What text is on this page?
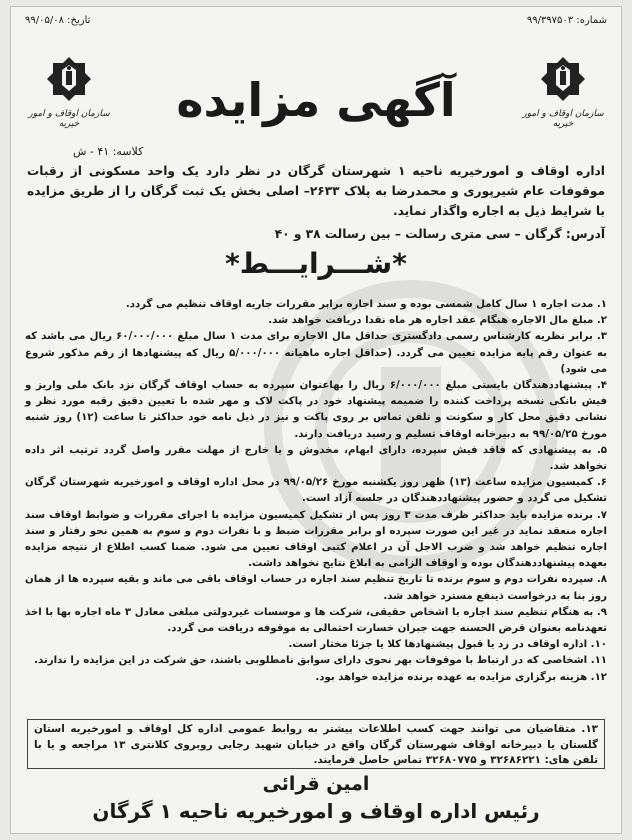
شماره: ۹۹/۳۹۷۵۰۳
تاریخ: ۹۹/۰۵/۰۸
سازمان اوقاف و امور خیریه
سازمان اوقاف و امور خیریه	آگهی مزایده
کلاسه: ۴۱ - ش
اداره اوقاف و امورخیریه ناحیه ۱ شهرستان گرگان در نظر دارد یک واحد مسکونی از رقبات موقوفات عام شیرپوری و محمدرضا به پلاک ۲۶۳۳– اصلی بخش یک ثبت گرگان را از طریق مزایده با شرایط ذیل به اجاره واگذار نماید.
آدرس: گرگان – سی متری رسالت – بین رسالت ۳۸ و ۴۰
*شـــرایـــط*

۱. مدت اجاره ۱ سال کامل شمسی بوده و سند اجاره برابر مقررات جاریه اوقاف تنظیم می گردد.

۲. مبلغ مال الاجاره هنگام عقد اجاره هر ماه نقدا دریافت خواهد شد.

۳. برابر نظریه کارشناس رسمی دادگستری حداقل مال الاجاره برای مدت ۱ سال مبلغ ۶۰/۰۰۰/۰۰۰ ریال می باشد که به عنوان رقم پایه مزایده تعیین می گردد. (حداقل اجاره ماهیانه ۵/۰۰۰/۰۰۰ ریال که پیشنهادها از رقم مذکور شروع می شود)

۴. پیشنهاددهندگان بایستی مبلغ ۶/۰۰۰/۰۰۰ ریال را بهاعنوان سپرده به حساب اوقاف گرگان نزد بانک ملی واریز و فیش بانکی نسخه پرداخت کننده را ضمیمه پیشنهاد خود در پاکت لاک و مهر شده با تعیین دقیق رقبه مورد نظر و نشانی دقیق محل کار و سکونت و تلفن تماس بر روی پاکت و نیز در ذیل نامه خود حداکثر تا ساعت (۱۲) روز شنبه مورخ ۹۹/۰۵/۲۵ به دبیرخانه اوقاف تسلیم و رسید دریافت دارند.

۵. به پیشنهادی که فاقد فیش سپرده، دارای ابهام، مخدوش و یا خارج از مهلت مقرر واصل گردد ترتیب اثر داده نخواهد شد.

۶. کمیسیون مزایده ساعت (۱۳) ظهر روز یکشنبه مورخ ۹۹/۰۵/۲۶ در محل اداره اوقاف و امورخیریه شهرستان گرگان تشکیل می گردد و حضور پیشنهاددهندگان در جلسه آزاد است.

۷. برنده مزایده باید حداکثر ظرف مدت ۳ روز پس از تشکیل کمیسیون مزایده با اجرای مقررات و ضوابط اوقاف سند اجاره منعقد نماید در غیر این صورت سپرده او برابر مقررات ضبط و با نفرات دوم و سوم به همین نحو رفتار و سند اجاره تنظیم خواهد شد و ضرب الاجل آن در اعلام کتبی اوقاف تعیین می شود. ضمنا کسب اطلاع از نتیجه مزایده بعهده پیشنهاددهندگان بوده و اوقاف الزامی به ابلاغ نتایج نخواهد داشت.

۸. سپرده نفرات دوم و سوم برنده تا تاریخ تنظیم سند اجاره در حساب اوقاف باقی می ماند و بقیه سپرده ها از همان روز بنا به درخواست ذینفع مسترد خواهد شد.

۹. به هنگام تنظیم سند اجاره با اشخاص حقیقی، شرکت ها و موسسات غیردولتی مبلغی معادل ۳ ماه اجاره بها با اخذ تعهدنامه بعنوان قرض الحسنه جهت جبران خسارت احتمالی به موقوفه دریافت می گردد.

۱۰. اداره اوقاف در رد یا قبول پیشنهادها کلا یا جزئا مختار است.

۱۱. اشخاصی که در ارتباط با موقوفات بهر نحوی دارای سوابق نامطلوبی باشند، حق شرکت در این مزایده را ندارند.

۱۲. هزینه برگزاری مزایده به عهده برنده مزایده خواهد بود.

۱۳. متقاضیان می توانند جهت کسب اطلاعات بیشتر به روابط عمومی اداره کل اوقاف و امورخیریه استان گلستان یا دبیرخانه اوقاف شهرستان گرگان واقع در خیابان شهید رجایی روبروی کلانتری ۱۳ مراجعه و یا با تلفن های: ۳۲۶۸۶۲۲۱ و ۳۲۶۸۰۷۷۵ تماس حاصل فرمایند.
امین قرائی
رئیس اداره اوقاف و امورخیریه ناحیه ۱ گرگان
